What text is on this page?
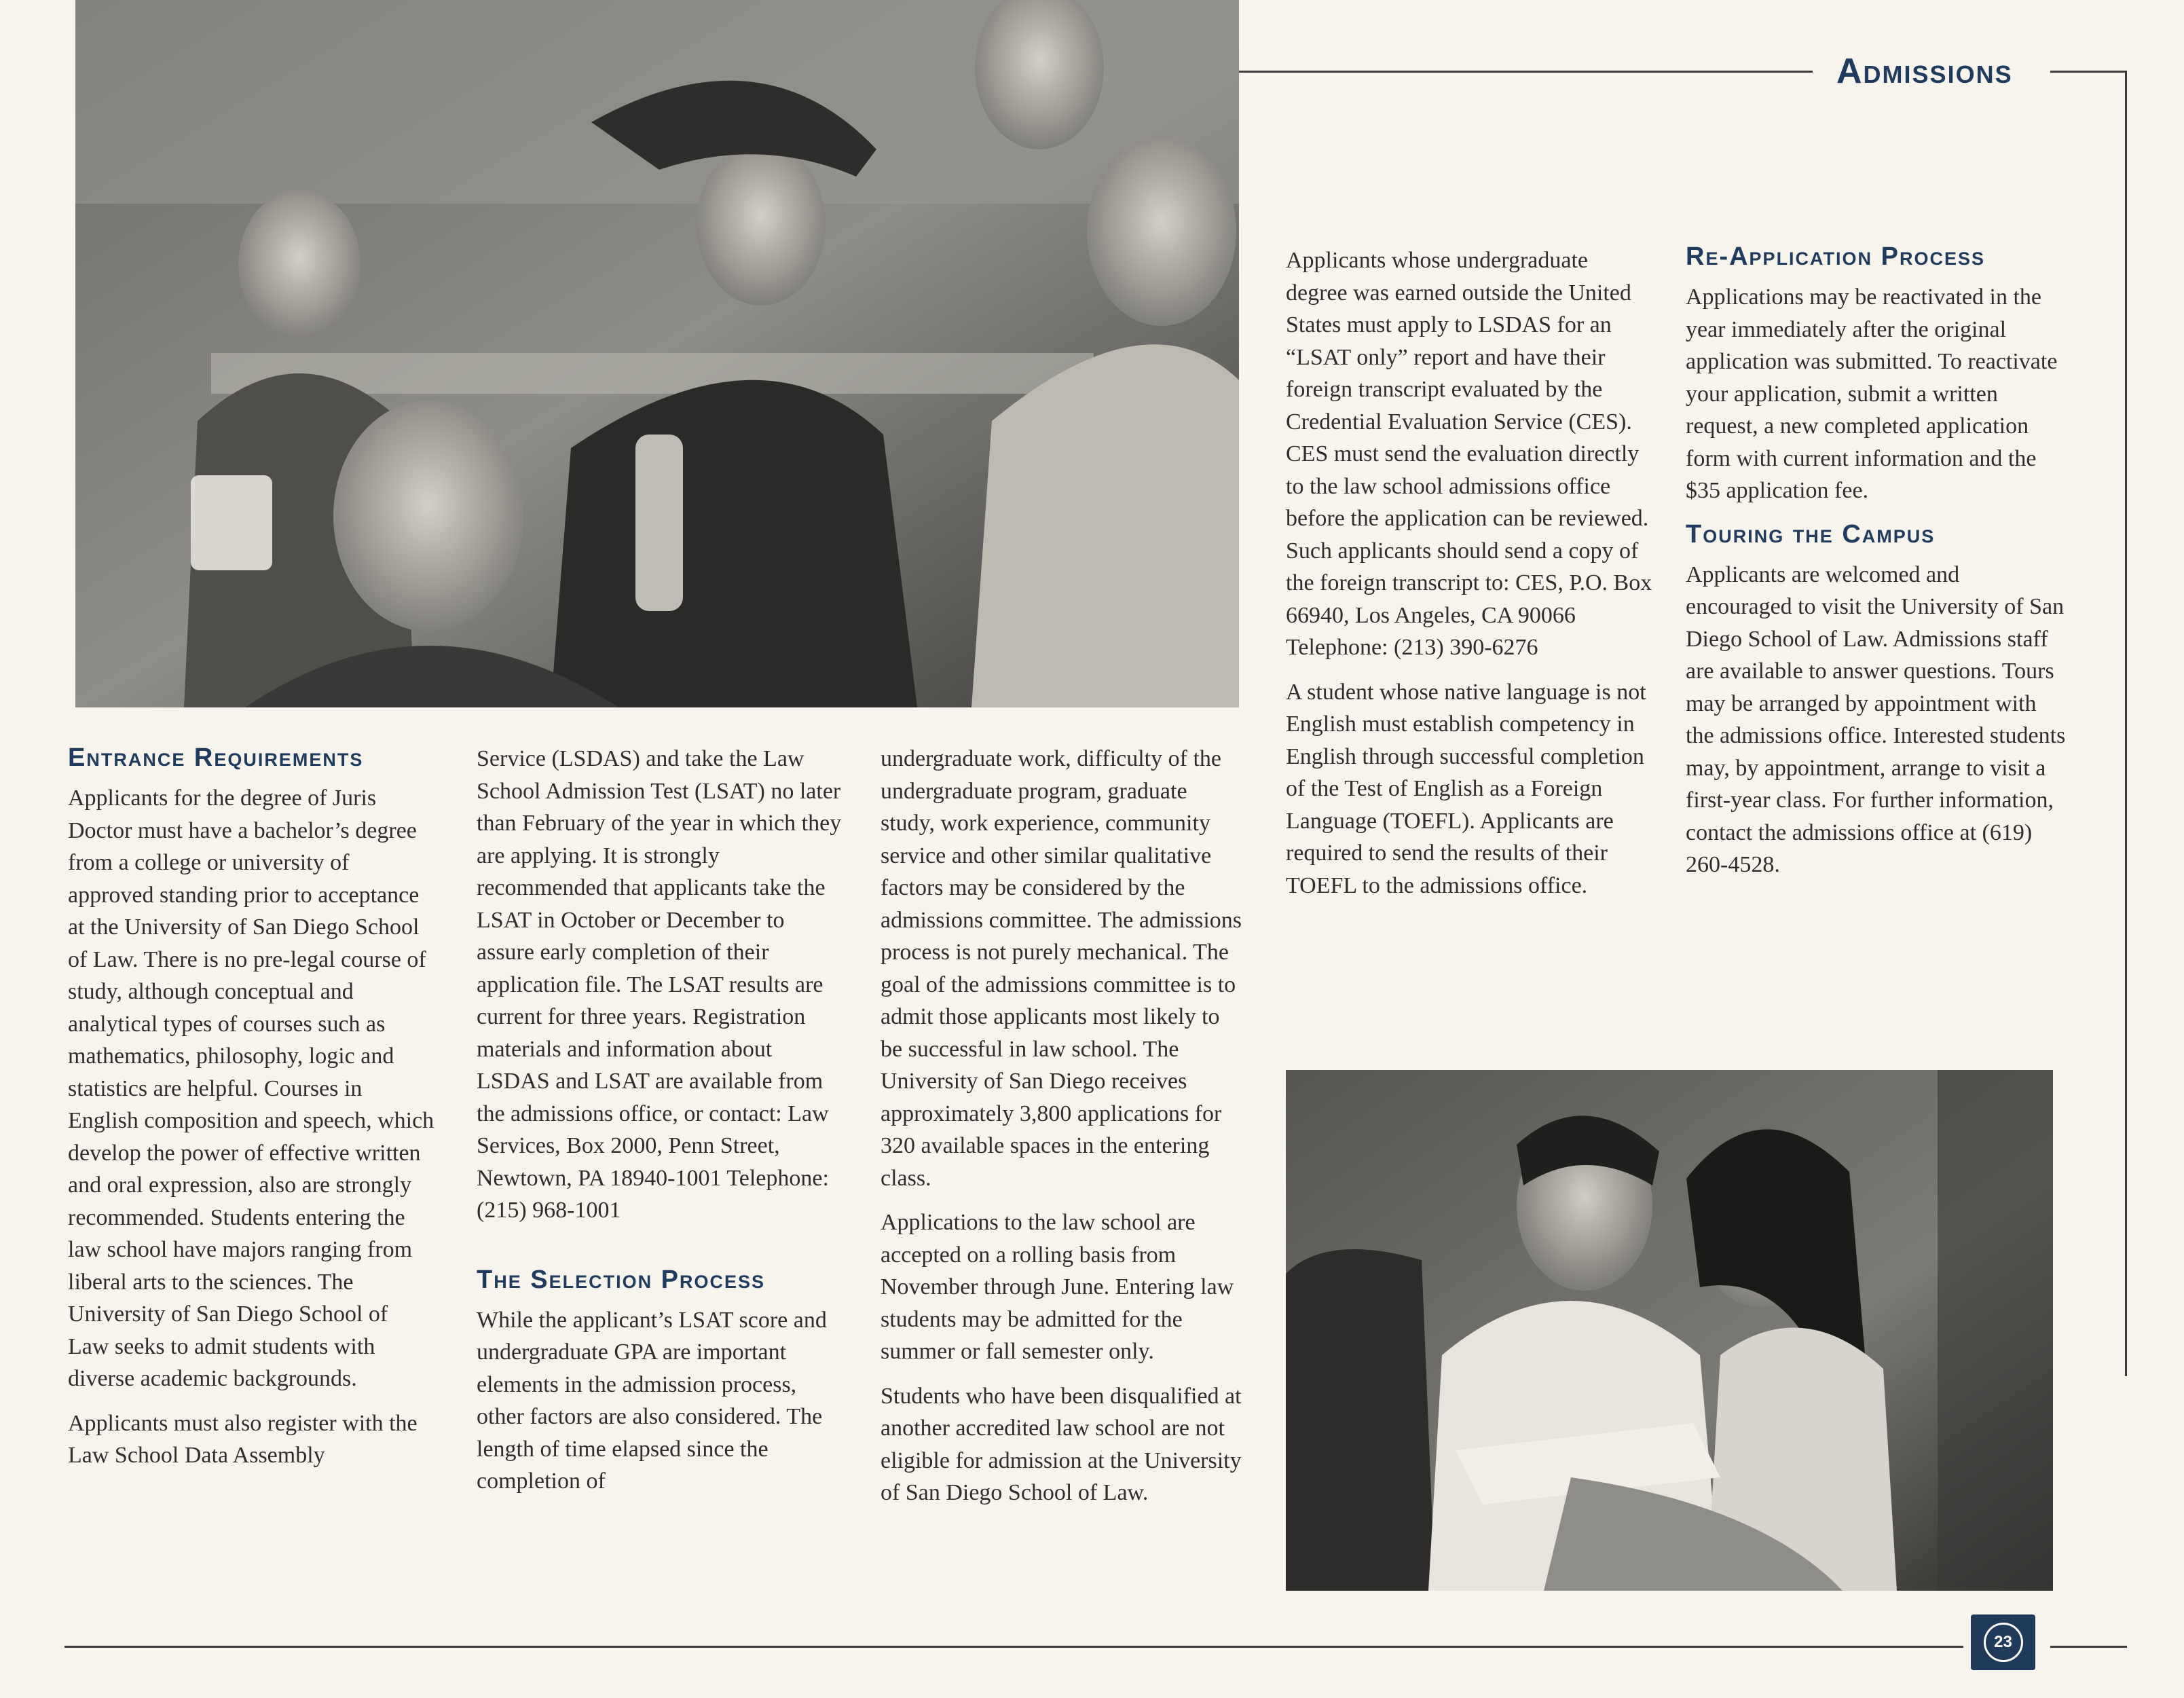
Admissions
Entrance Requirements

Applicants for the degree of Juris Doctor must have a bachelor’s degree from a college or university of approved standing prior to acceptance at the University of San Diego School of Law. There is no pre-legal course of study, although conceptual and analytical types of courses such as mathematics, philosophy, logic and statistics are helpful. Courses in English composition and speech, which develop the power of effective written and oral expression, also are strongly recommended. Students entering the law school have majors ranging from liberal arts to the sciences. The University of San Diego School of Law seeks to admit students with diverse academic backgrounds.

Applicants must also register with the Law School Data Assembly

Service (LSDAS) and take the Law School Admission Test (LSAT) no later than February of the year in which they are applying. It is strongly recommended that applicants take the LSAT in October or December to assure early completion of their application file. The LSAT results are current for three years. Registration materials and information about LSDAS and LSAT are available from the admissions office, or contact: Law Services, Box 2000, Penn Street, Newtown, PA 18940-1001 Telephone: (215) 968-1001

The Selection Process

While the applicant’s LSAT score and undergraduate GPA are important elements in the admission process, other factors are also considered. The length of time elapsed since the completion of

undergraduate work, difficulty of the undergraduate program, graduate study, work experience, community service and other similar qualitative factors may be considered by the admissions committee. The admissions process is not purely mechanical. The goal of the admissions committee is to admit those applicants most likely to be successful in law school. The University of San Diego receives approximately 3,800 applications for 320 available spaces in the entering class.

Applications to the law school are accepted on a rolling basis from November through June. Entering law students may be admitted for the summer or fall semester only.

Students who have been disqualified at another accredited law school are not eligible for admission at the University of San Diego School of Law.

Applicants whose undergraduate degree was earned outside the United States must apply to LSDAS for an “LSAT only” report and have their foreign transcript evaluated by the Credential Evaluation Service (CES). CES must send the evaluation directly to the law school admissions office before the application can be reviewed. Such applicants should send a copy of the foreign transcript to: CES, P.O. Box 66940, Los Angeles, CA 90066 Telephone: (213) 390-6276

A student whose native language is not English must establish competency in English through successful completion of the Test of English as a Foreign Language (TOEFL). Applicants are required to send the results of their TOEFL to the admissions office.

Re-Application Process

Applications may be reactivated in the year immediately after the original application was submitted. To reactivate your application, submit a written request, a new completed application form with current information and the $35 application fee.

Touring the Campus

Applicants are welcomed and encouraged to visit the University of San Diego School of Law. Admissions staff are available to answer questions. Tours may be arranged by appointment with the admissions office. Interested students may, by appointment, arrange to visit a first-year class. For further information, contact the admissions office at (619) 260-4528.

23
